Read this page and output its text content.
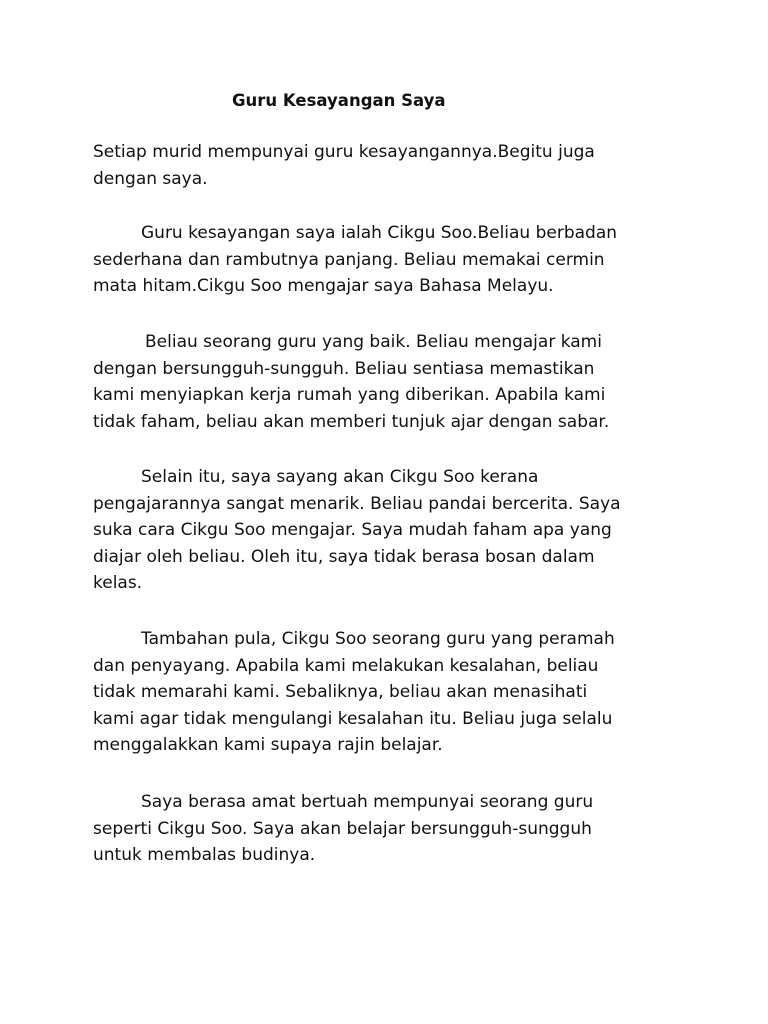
Guru Kesayangan Saya
Setiap murid mempunyai guru kesayangannya.Begitu juga
dengan saya.
Guru kesayangan saya ialah Cikgu Soo.Beliau berbadan
sederhana dan rambutnya panjang. Beliau memakai cermin
mata hitam.Cikgu Soo mengajar saya Bahasa Melayu.
Beliau seorang guru yang baik. Beliau mengajar kami
dengan bersungguh-sungguh. Beliau sentiasa memastikan
kami menyiapkan kerja rumah yang diberikan. Apabila kami
tidak faham, beliau akan memberi tunjuk ajar dengan sabar.
Selain itu, saya sayang akan Cikgu Soo kerana
pengajarannya sangat menarik. Beliau pandai bercerita. Saya
suka cara Cikgu Soo mengajar. Saya mudah faham apa yang
diajar oleh beliau. Oleh itu, saya tidak berasa bosan dalam
kelas.
Tambahan pula, Cikgu Soo seorang guru yang peramah
dan penyayang. Apabila kami melakukan kesalahan, beliau
tidak memarahi kami. Sebaliknya, beliau akan menasihati
kami agar tidak mengulangi kesalahan itu. Beliau juga selalu
menggalakkan kami supaya rajin belajar.
Saya berasa amat bertuah mempunyai seorang guru
seperti Cikgu Soo. Saya akan belajar bersungguh-sungguh
untuk membalas budinya.
